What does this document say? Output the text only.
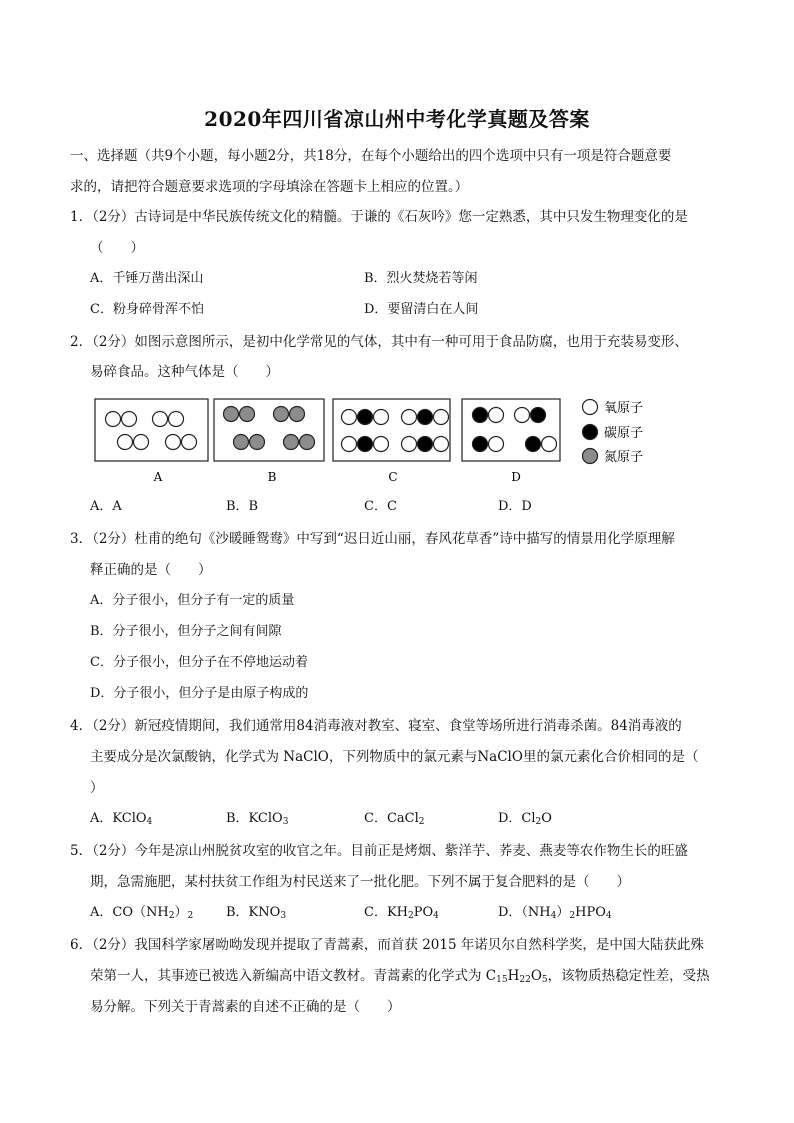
2020年四川省凉山州中考化学真题及答案
一、选择题（共9个小题，每小题2分，共18分，在每个小题给出的四个选项中只有一项是符合题意要
求的，请把符合题意要求选项的字母填涂在答题卡上相应的位置。）
1．（2分）古诗词是中华民族传统文化的精髓。于谦的《石灰吟》您一定熟悉，其中只发生物理变化的是
（　　）
A．千锤万凿出深山	B．烈火焚烧若等闲
C．粉身碎骨浑不怕	D．要留清白在人间
2．（2分）如图示意图所示，是初中化学常见的气体，其中有一种可用于食品防腐，也用于充装易变形、
易碎食品。这种气体是（　　）
A	B	C	D
氧原子
碳原子
氮原子
A．A	B．B	C．C	D．D
3．（2分）杜甫的绝句《沙暖睡鸳鸯》中写到“迟日近山丽，春风花草香”诗中描写的情景用化学原理解
释正确的是（　　）
A．分子很小，但分子有一定的质量
B．分子很小，但分子之间有间隙
C．分子很小，但分子在不停地运动着
D．分子很小，但分子是由原子构成的
4．（2分）新冠疫情期间，我们通常用84消毒液对教室、寝室、食堂等场所进行消毒杀菌。84消毒液的
主要成分是次氯酸钠，化学式为 NaClO，下列物质中的氯元素与NaClO里的氯元素化合价相同的是（
）
A．KClO$_4$	B．KClO$_3$	C．CaCl$_2$	D．$Cl_2O$
5．（2分）今年是凉山州脱贫攻室的收官之年。目前正是烤烟、紫洋芋、荞麦、燕麦等农作物生长的旺盛
期，急需施肥，某村扶贫工作组为村民送来了一批化肥。下列不属于复合肥料的是（　　）
A．$CO(NH_2)_2$	B．$KNO_3$	C．$KH_2PO_4$	D．$(NH_4)_2HPO_4$
6．（2分）我国科学家屠呦呦发现并提取了青蒿素，而首获 2015 年诺贝尔自然科学奖，是中国大陆获此殊
荣第一人，其事迹已被选入新编高中语文教材。青蒿素的化学式为 $C_{15}H_{22}O_5$，该物质热稳定性差，受热
易分解。下列关于青蒿素的自述不正确的是（　　）
